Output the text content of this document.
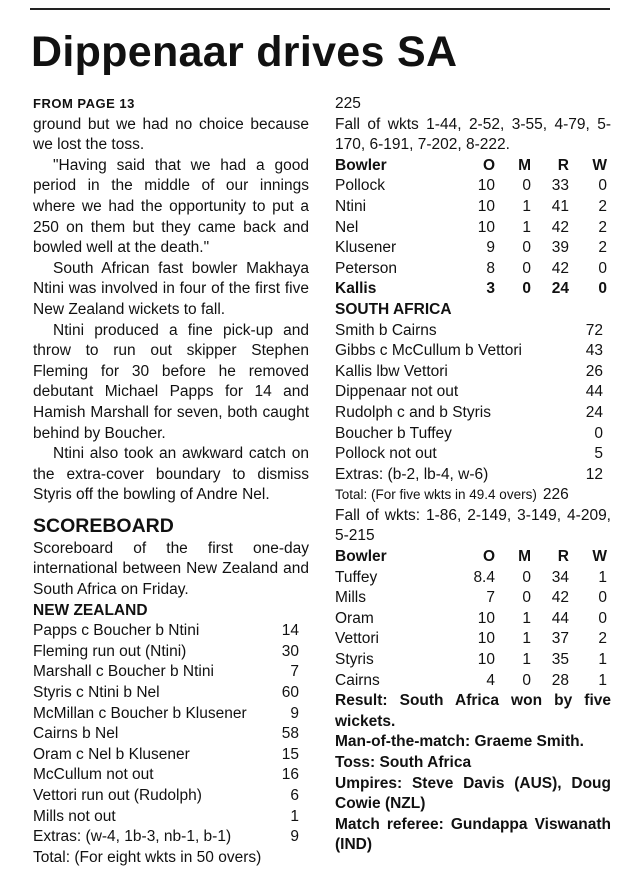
Dippenaar drives SA
FROM PAGE 13

ground but we had no choice because we lost the toss.

"Having said that we had a good period in the middle of our innings where we had the opportunity to put a 250 on them but they came back and bowled well at the death."

South African fast bowler Makhaya Ntini was involved in four of the first five New Zealand wickets to fall.

Ntini produced a fine pick-up and throw to run out skipper Stephen Fleming for 30 before he removed debutant Michael Papps for 14 and Hamish Marshall for seven, both caught behind by Boucher.

Ntini also took an awkward catch on the extra-cover boundary to dismiss Styris off the bowling of Andre Nel.

SCOREBOARD

Scoreboard of the first one-day international between New Zealand and South Africa on Friday.

NEW ZEALAND
Papps c Boucher b Ntini	14
Fleming run out (Ntini)	30
Marshall c Boucher b Ntini	7
Styris c Ntini b Nel	60
McMillan c Boucher b Klusener	9
Cairns b Nel	58
Oram c Nel b Klusener	15
McCullum not out	16
Vettori run out (Rudolph)	6
Mills not out	1
Extras: (w-4, 1b-3, nb-1, b-1)	9
Total: (For eight wkts in 50 overs)
225
Fall of wkts 1-44, 2-52, 3-55, 4-79, 5-170, 6-191, 7-202, 8-222.
Bowler	O	M	R	W
Pollock	10	0	33	0
Ntini	10	1	41	2
Nel	10	1	42	2
Klusener	9	0	39	2
Peterson	8	0	42	0
Kallis	3	0	24	0
SOUTH AFRICA
Smith b Cairns	72
Gibbs c McCullum b Vettori	43
Kallis lbw Vettori	26
Dippenaar not out	44
Rudolph c and b Styris	24
Boucher b Tuffey	0
Pollock not out	5
Extras: (b-2, lb-4, w-6)	12
Total: (For five wkts in 49.4 overs) 226
Fall of wkts: 1-86, 2-149, 3-149, 4-209, 5-215
Bowler	O	M	R	W
Tuffey	8.4	0	34	1
Mills	7	0	42	0
Oram	10	1	44	0
Vettori	10	1	37	2
Styris	10	1	35	1
Cairns	4	0	28	1
Result: South Africa won by five wickets.
Man-of-the-match: Graeme Smith.
Toss: South Africa
Umpires: Steve Davis (AUS), Doug Cowie (NZL)
Match referee: Gundappa Viswanath (IND)
